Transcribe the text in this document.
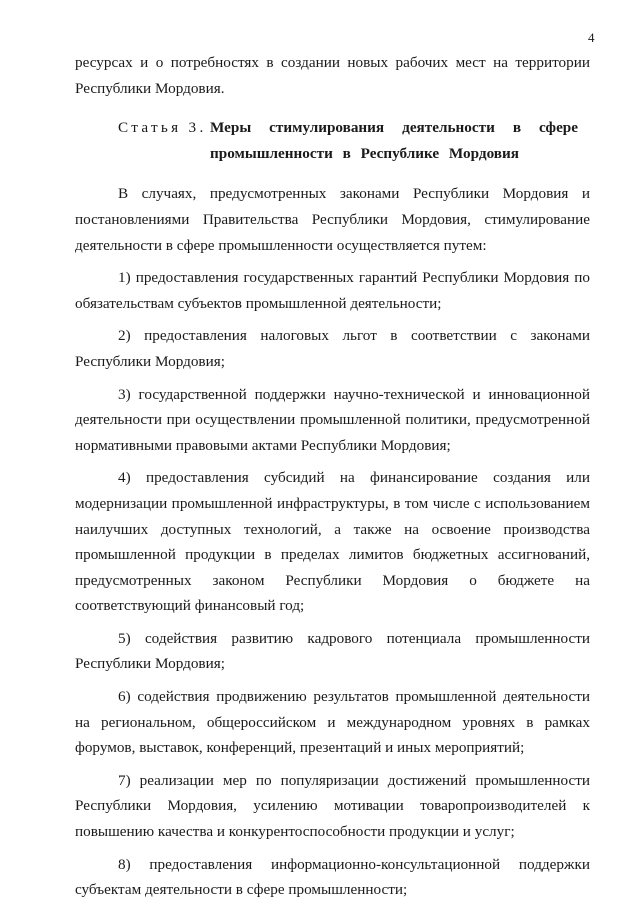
4

ресурсах и о потребностях в создании новых рабочих мест на территории Республики Мордовия.

Статья 3. Меры стимулирования деятельности в сфере промышленности в Республике Мордовия

В случаях, предусмотренных законами Республики Мордовия и постановлениями Правительства Республики Мордовия, стимулирование деятельности в сфере промышленности осуществляется путем:

1) предоставления государственных гарантий Республики Мордовия по обязательствам субъектов промышленной деятельности;

2) предоставления налоговых льгот в соответствии с законами Республики Мордовия;

3) государственной поддержки научно-технической и инновационной деятельности при осуществлении промышленной политики, предусмотренной нормативными правовыми актами Республики Мордовия;

4) предоставления субсидий на финансирование создания или модернизации промышленной инфраструктуры, в том числе с использованием наилучших доступных технологий, а также на освоение производства промышленной продукции в пределах лимитов бюджетных ассигнований, предусмотренных законом Республики Мордовия о бюджете на соответствующий финансовый год;

5) содействия развитию кадрового потенциала промышленности Республики Мордовия;

6) содействия продвижению результатов промышленной деятельности на региональном, общероссийском и международном уровнях в рамках форумов, выставок, конференций, презентаций и иных мероприятий;

7) реализации мер по популяризации достижений промышленности Республики Мордовия, усилению мотивации товаропроизводителей к повышению качества и конкурентоспособности продукции и услуг;

8) предоставления информационно-консультационной поддержки субъектам деятельности в сфере промышленности;
